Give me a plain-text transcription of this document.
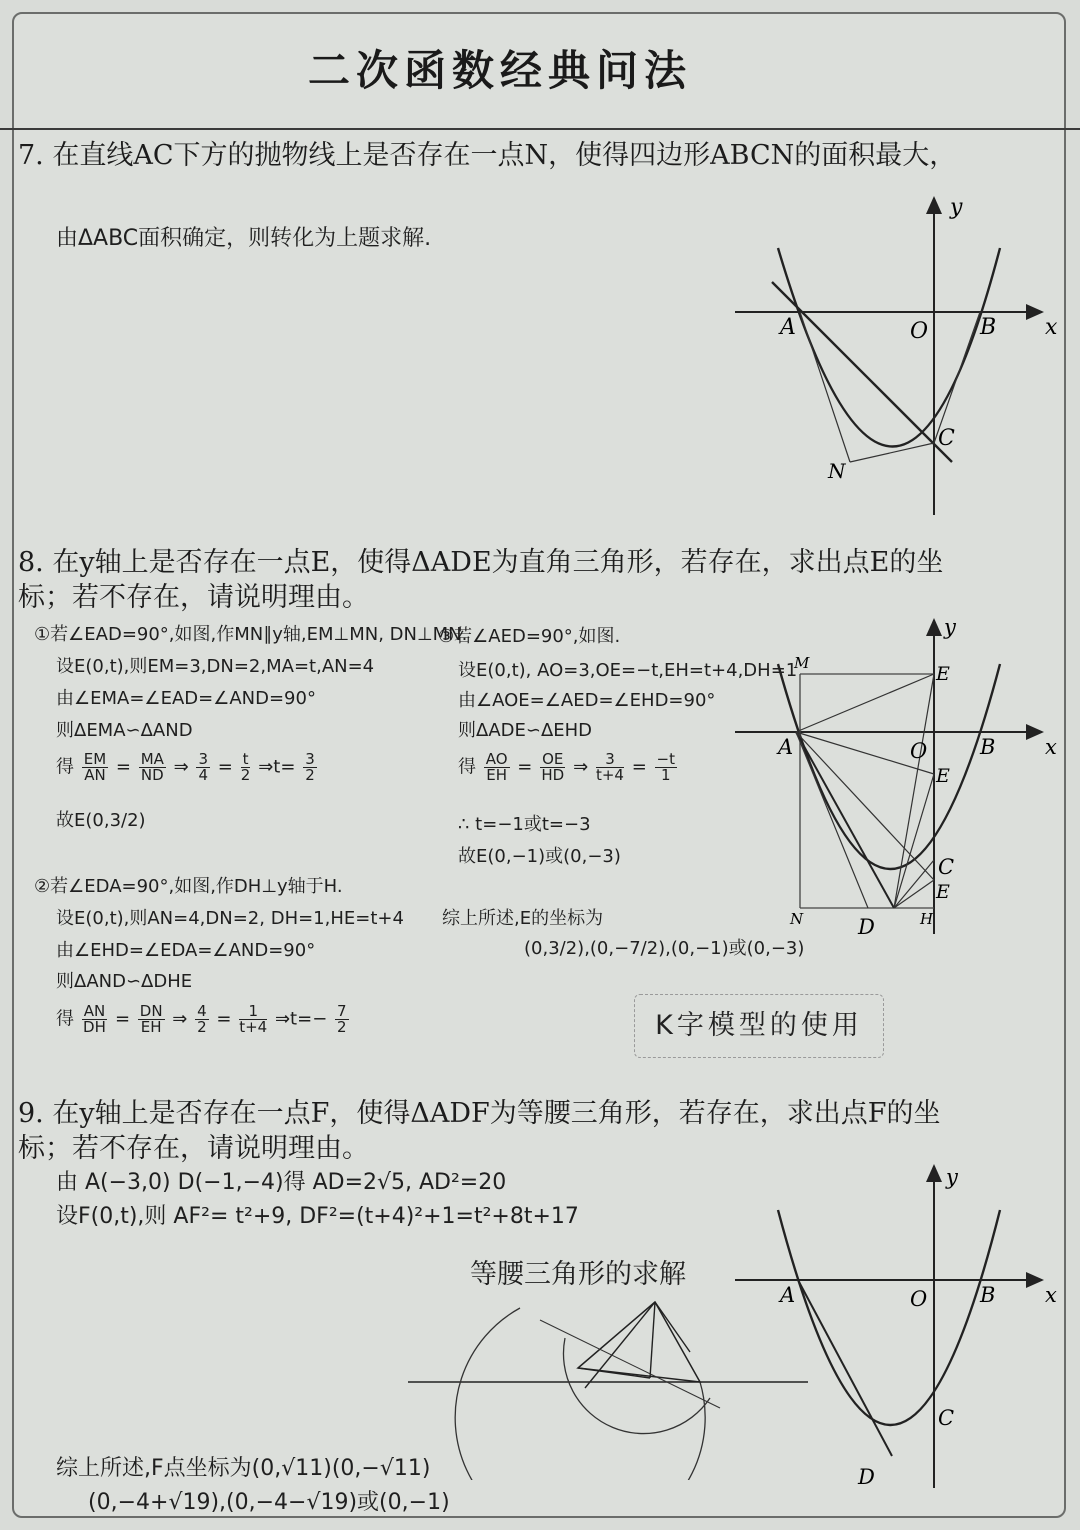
二次函数经典问法
7. 在直线AC下方的抛物线上是否存在一点N，使得四边形ABCN的面积最大，
由ΔABC面积确定，则转化为上题求解.
y
x
A	O B
C
N
8. 在y轴上是否存在一点E，使得ΔADE为直角三角形，若存在，求出点E的坐
标；若不存在，请说明理由。
①若∠EAD=90°,如图,作MN∥y轴,EM⊥MN, DN⊥MN.
设E(0,t),则EM=3,DN=2,MA=t,AN=4
由∠EMA=∠EAD=∠AND=90°
则ΔEMA∽ΔAND
得 $\frac{EM}{AN} = \frac{MA}{ND}$ ⇒ $\frac{3}{4} = \frac{t}{2}$ ⇒t= $\frac{3}{2}$
故E(0,3/2)
②若∠EDA=90°,如图,作DH⊥y轴于H.
设E(0,t),则AN=4,DN=2, DH=1,HE=t+4
由∠EHD=∠EDA=∠AND=90°
则ΔAND∽ΔDHE
得 $\frac{AN}{DH} = \frac{DN}{EH}$ ⇒ $\frac{4}{2} = \frac{1}{t+4}$ ⇒t=− $\frac{7}{2}$
③若∠AED=90°,如图.
设E(0,t), AO=3,OE=−t,EH=t+4,DH=1
由∠AOE=∠AED=∠EHD=90°
则ΔADE∽ΔEHD
得 $\frac{AO}{EH} = \frac{OE}{HD}$ ⇒ $\frac{3}{t+4} = \frac{-t}{1}$
∴ t=−1或t=−3
故E(0,−1)或(0,−3)
综上所述,E的坐标为
(0,3/2),(0,−7/2),(0,−1)或(0,−3)
K字模型的使用
y
x
M	E
A	O	B
E
C
E
N	D	H
9. 在y轴上是否存在一点F，使得ΔADF为等腰三角形，若存在，求出点F的坐
标；若不存在，请说明理由。
由 A(−3,0) D(−1,−4)得 AD=2√5, AD²=20
设F(0,t),则 AF²= t²+9, DF²=(t+4)²+1=t²+8t+17
等腰三角形的求解
综上所述,F点坐标为(0,√11)(0,−√11)
(0,−4+√19),(0,−4−√19)或(0,−1)
y
x
A	O	B
C
D
